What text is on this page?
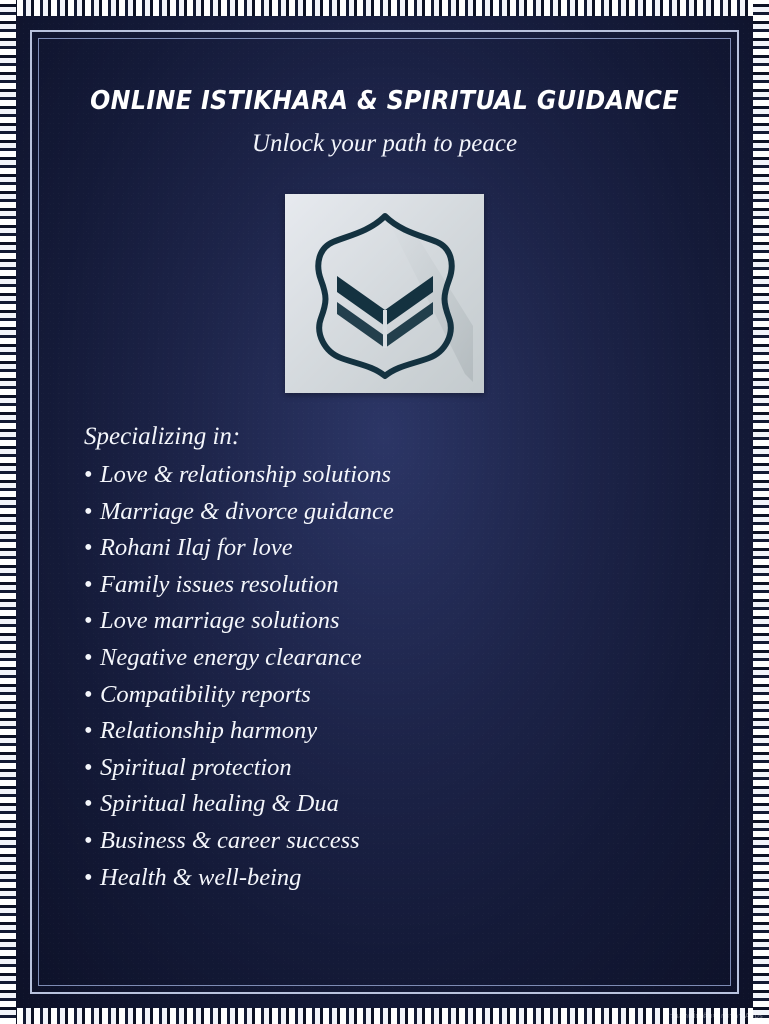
ONLINE ISTIKHARA & SPIRITUAL GUIDANCE

Unlock your path to peace

Specializing in:

• Love & relationship solutions
• Marriage & divorce guidance
• Rohani Ilaj for love
• Family issues resolution
• Love marriage solutions
• Negative energy clearance
• Compatibility reports
• Relationship harmony
• Spiritual protection
• Spiritual healing & Dua
• Business & career success
• Health & well-being
ส่วนลดเพิ่มเติมจากราคา Apps
